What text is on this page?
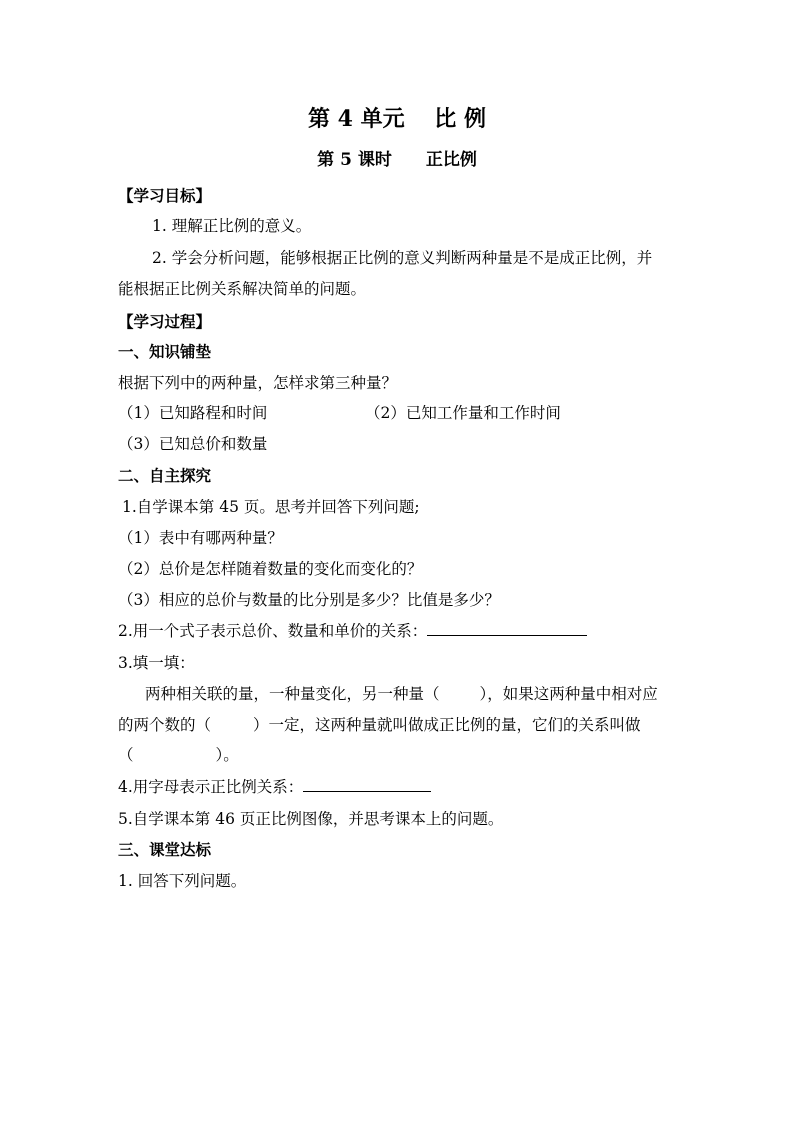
第 4 单元　 比 例
第 5 课时　　正比例

【学习目标】

1. 理解正比例的意义。

2. 学会分析问题，能够根据正比例的意义判断两种量是不是成正比例，并

能根据正比例关系解决简单的问题。

【学习过程】

一、知识铺垫

根据下列中的两种量，怎样求第三种量？

（1）已知路程和时间	（2）已知工作量和工作时间

（3）已知总价和数量

二、自主探究

1.自学课本第 45 页。思考并回答下列问题;

（1）表中有哪两种量？

（2）总价是怎样随着数量的变化而变化的？

（3）相应的总价与数量的比分别是多少？比值是多少？

2.用一个式子表示总价、数量和单价的关系：

3.填一填：

两种相关联的量，一种量变化，另一种量（	），如果这两种量中相对应

的两个数的（	）一定，这两种量就叫做成正比例的量，它们的关系叫做

（	）。

4.用字母表示正比例关系：

5.自学课本第 46 页正比例图像，并思考课本上的问题。

三、课堂达标

1. 回答下列问题。
